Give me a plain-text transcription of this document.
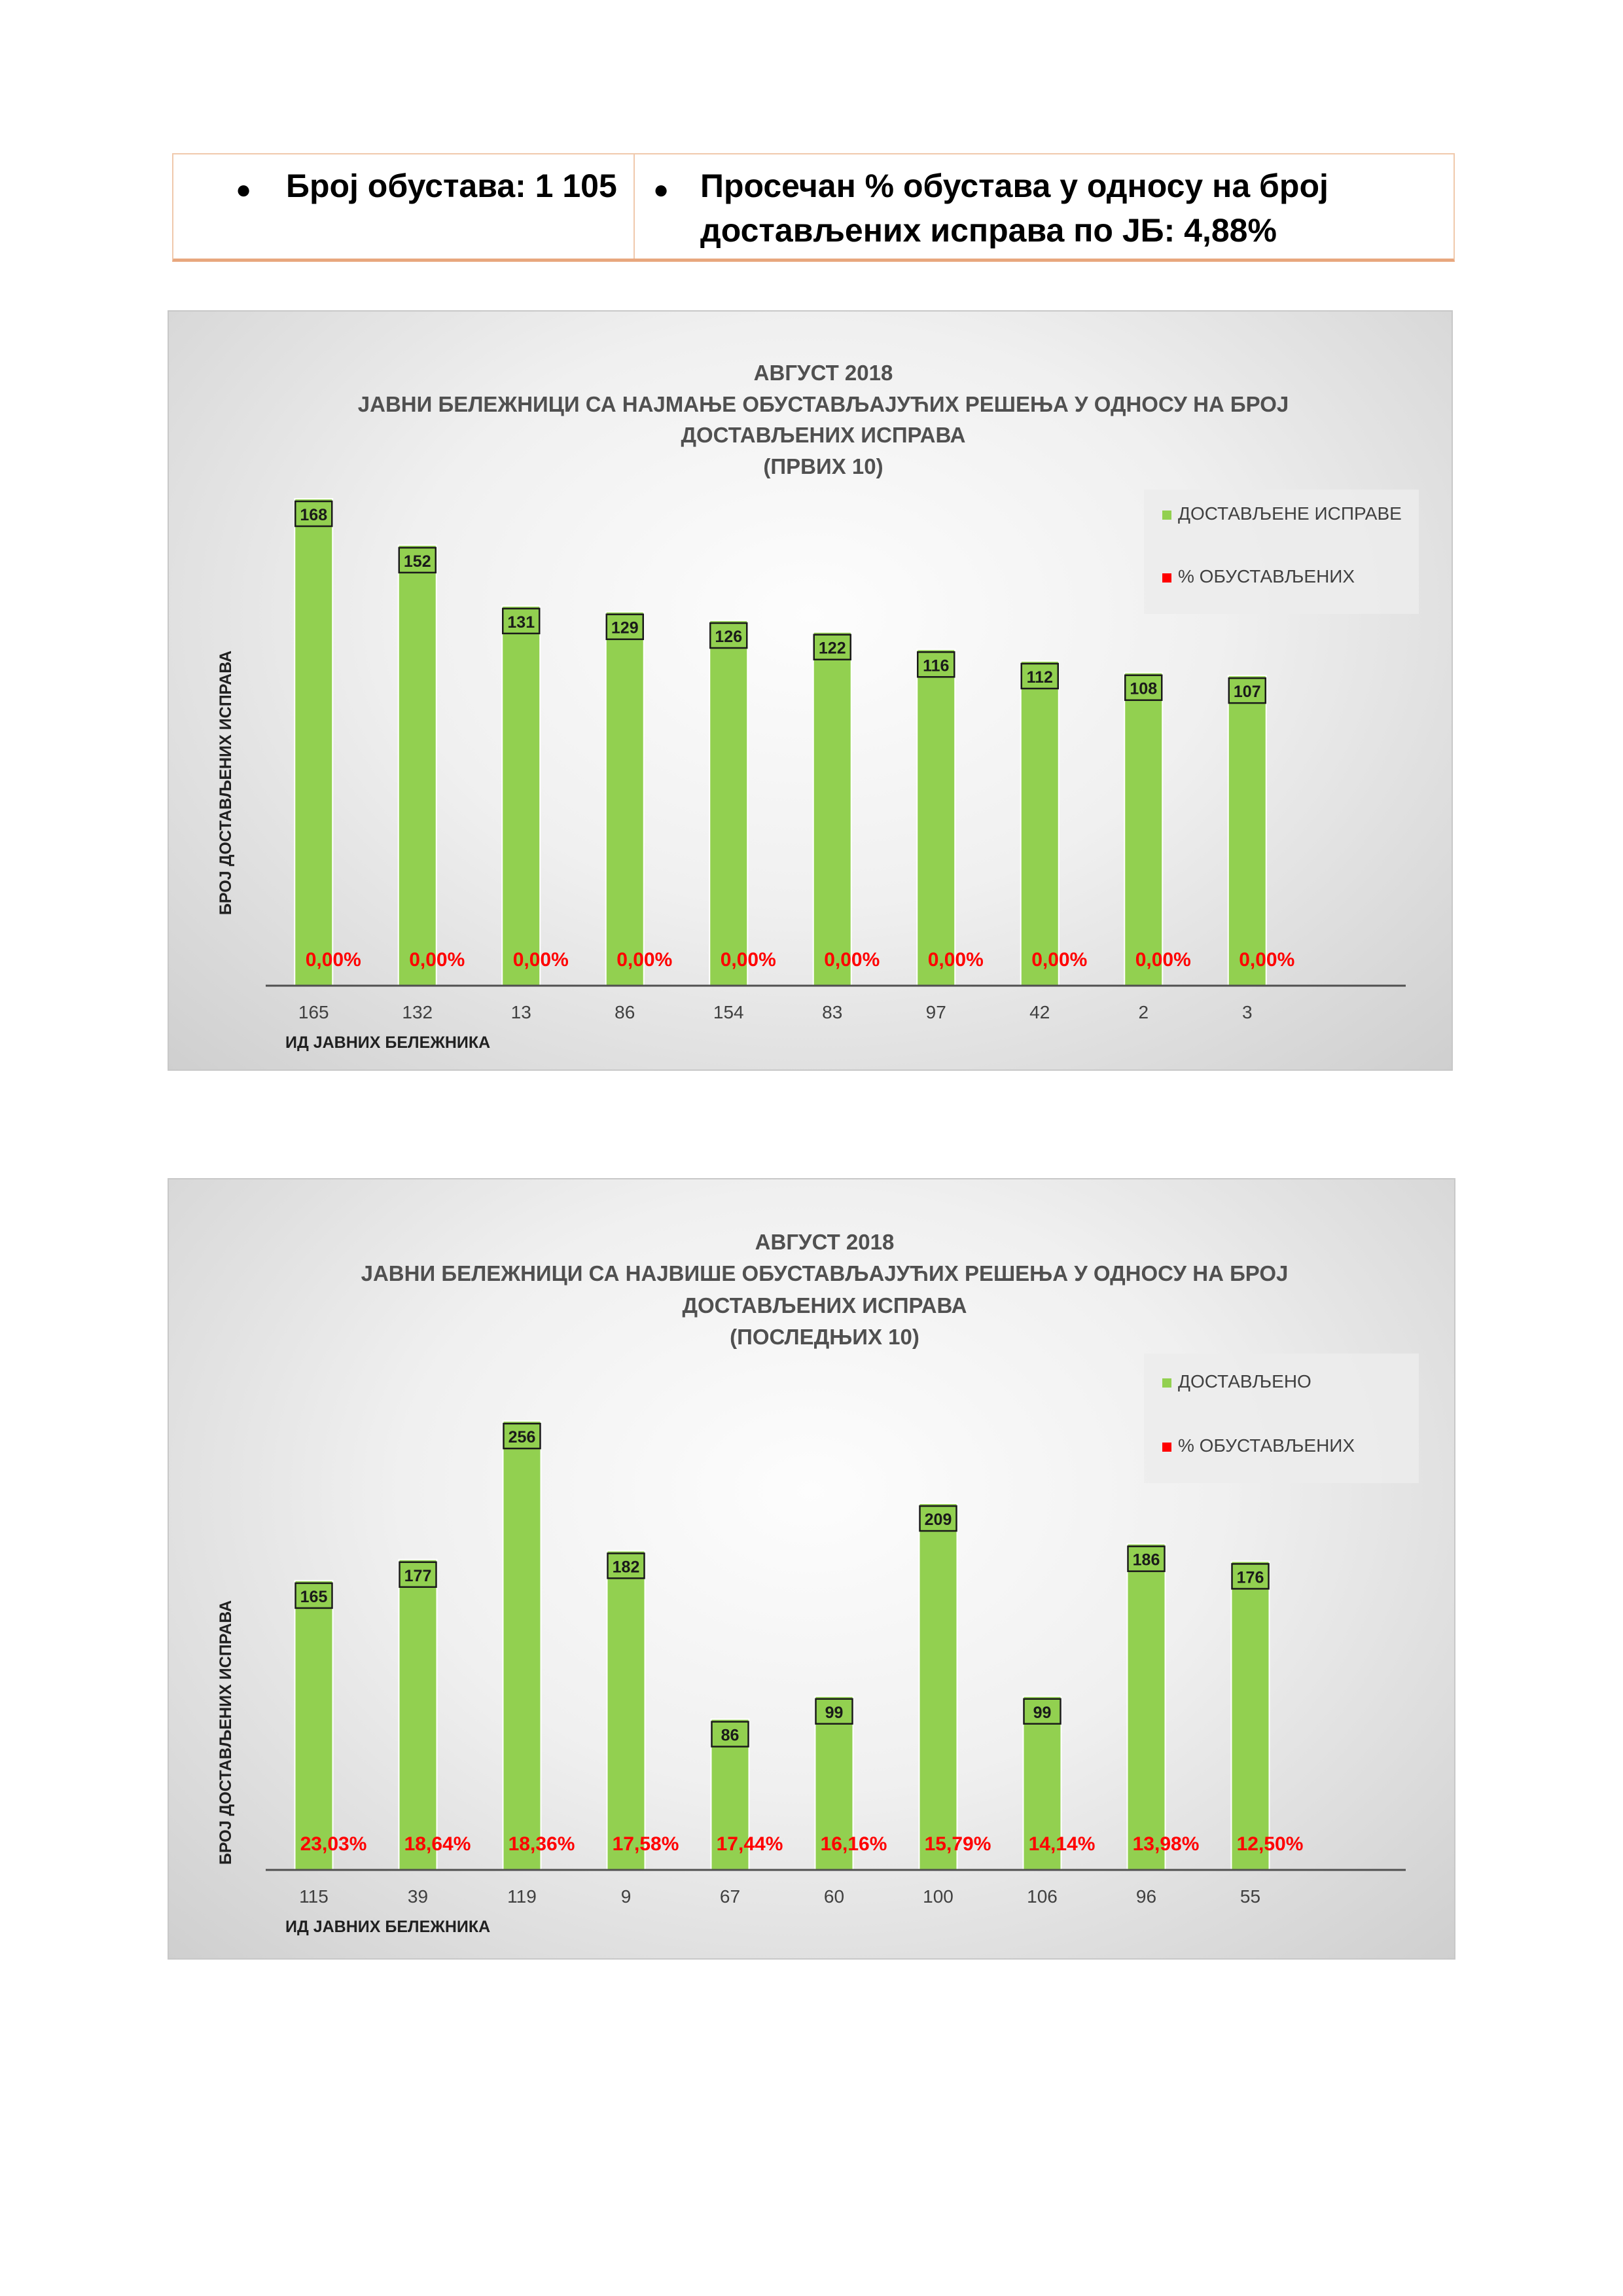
● Број обустава: 1 105 ● Просечан % обустава у односу на број достављених исправа по ЈБ: 4,88%
АВГУСТ 2018
ЈАВНИ БЕЛЕЖНИЦИ СА НАЈМАЊЕ ОБУСТАВЉАЈУЋИХ РЕШЕЊА У ОДНОСУ НА БРОЈ
ДОСТАВЉЕНИХ ИСПРАВА
(ПРВИХ 10)
ДОСТАВЉЕНЕ ИСПРАВЕ
% ОБУСТАВЉЕНИХ
168
0,00%
165
152
0,00%
132
131
0,00%
13
129
0,00%
86
126
0,00%
154
122
0,00%
83
116
0,00%
97
112
0,00%
42
108
0,00%
2
107
0,00%
3
ИД ЈАВНИХ БЕЛЕЖНИКА
БРОЈ ДОСТАВЉЕНИХ ИСПРАВА
АВГУСТ 2018
ЈАВНИ БЕЛЕЖНИЦИ СА НАЈВИШЕ ОБУСТАВЉАЈУЋИХ РЕШЕЊА У ОДНОСУ НА БРОЈ
ДОСТАВЉЕНИХ ИСПРАВА
(ПОСЛЕДЊИХ 10)
ДОСТАВЉЕНО
% ОБУСТАВЉЕНИХ
165
23,03%
115
177
18,64%
39
256
18,36%
119
182
17,58%
9
86
17,44%
67
99
16,16%
60
209
15,79%
100
99
14,14%
106
186
13,98%
96
176
12,50%
55
ИД ЈАВНИХ БЕЛЕЖНИКА
БРОЈ ДОСТАВЉЕНИХ ИСПРАВА
